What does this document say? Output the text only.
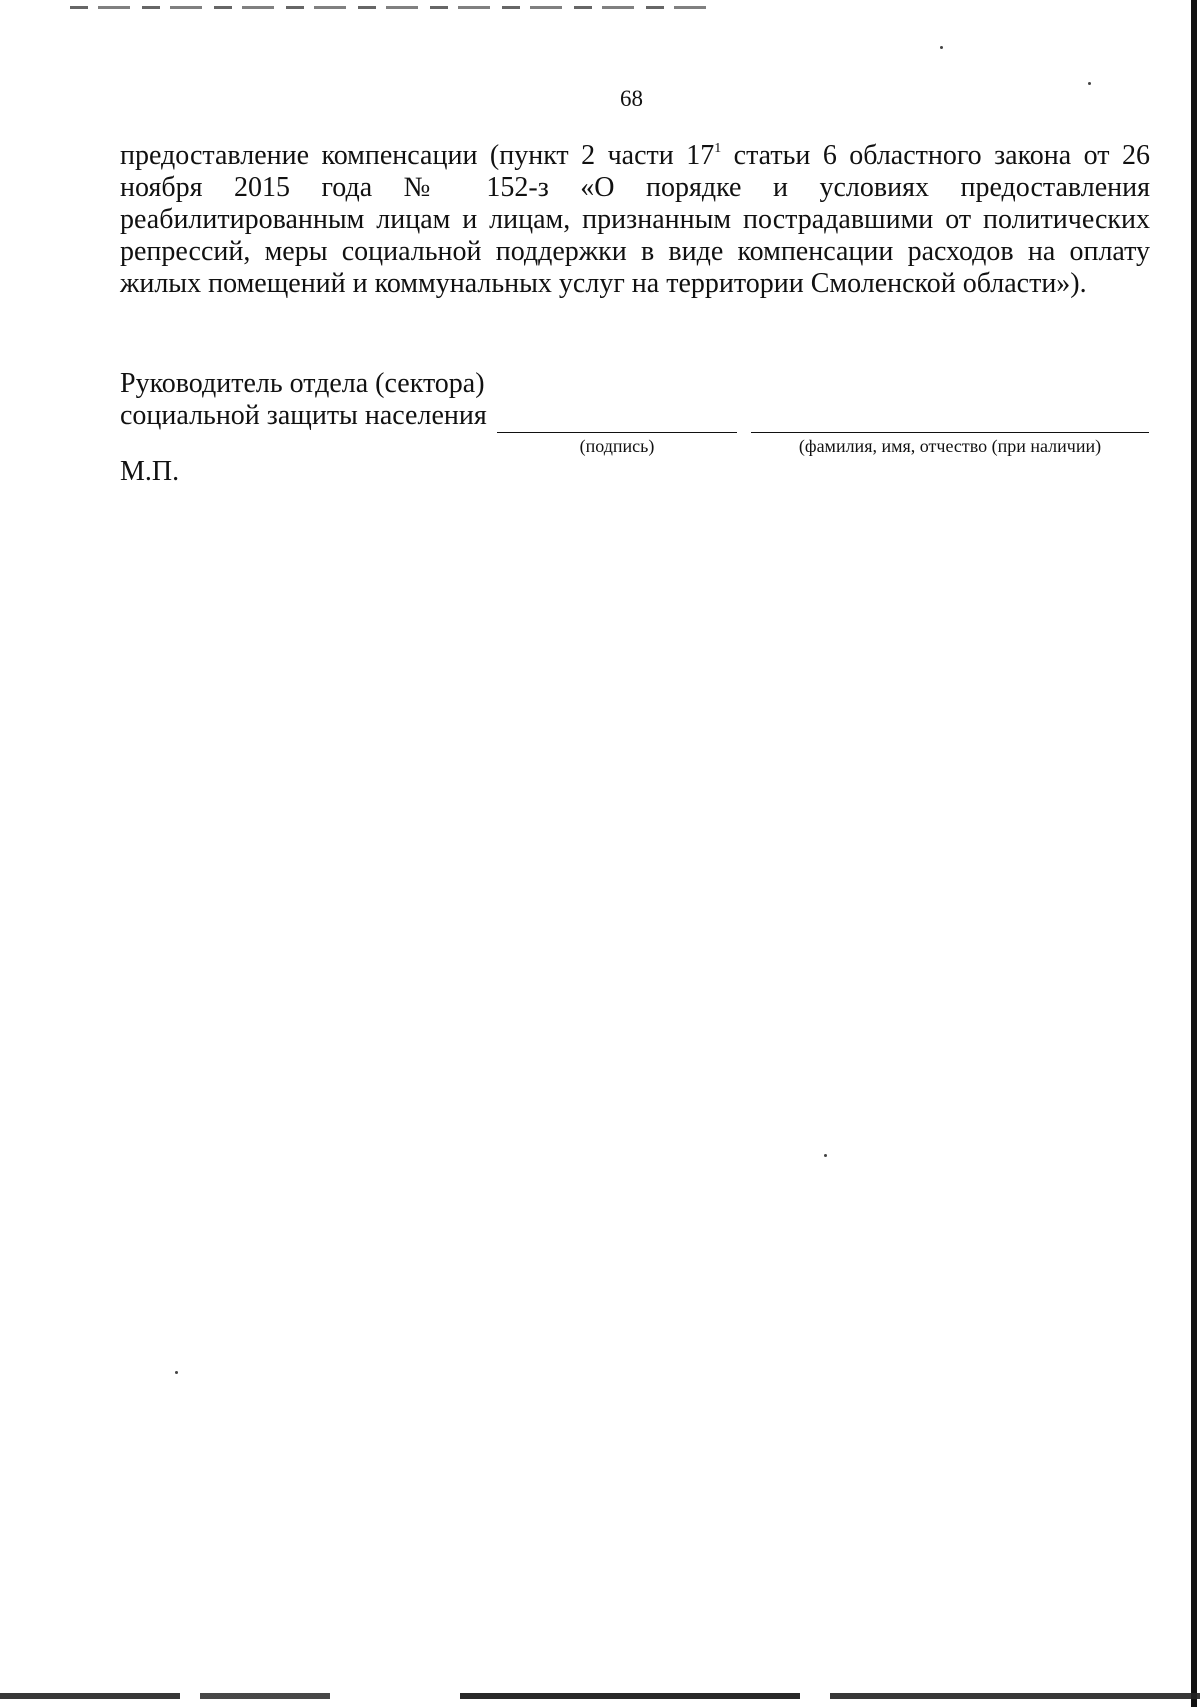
68
предоставление компенсации (пункт 2 части $17^1$ статьи 6 областного закона от 26 ноября 2015 года № 152-з «О порядке и условиях предоставления реабилитированным лицам и лицам, признанным пострадавшими от политических репрессий, меры социальной поддержки в виде компенсации расходов на оплату жилых помещений и коммунальных услуг на территории Смоленской области»).
Руководитель отдела (сектора)
социальной защиты населения
(подпись)	(фамилия, имя, отчество (при наличии)
М.П.
